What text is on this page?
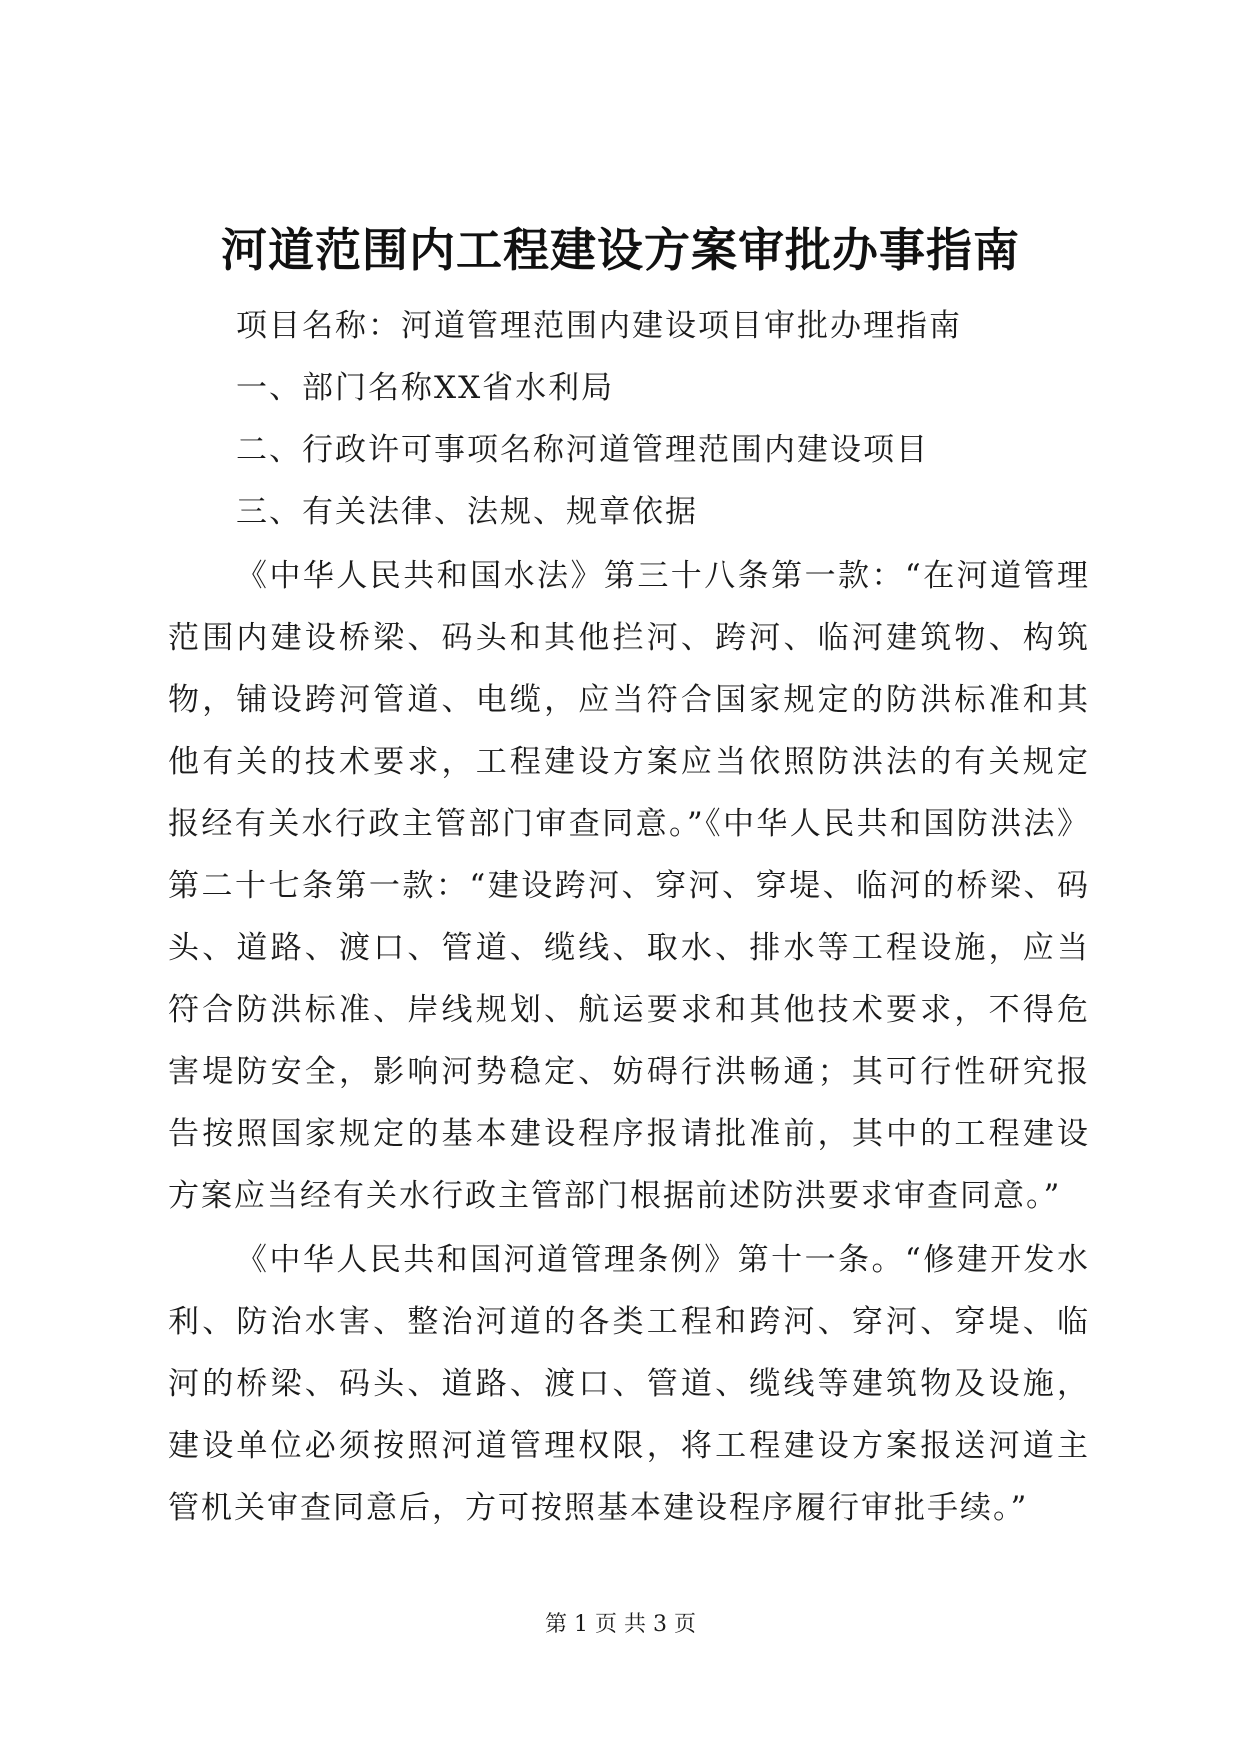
河道范围内工程建设方案审批办事指南
项目名称：河道管理范围内建设项目审批办理指南
一、部门名称XX省水利局
二、行政许可事项名称河道管理范围内建设项目
三、有关法律、法规、规章依据
《中华人民共和国水法》第三十八条第一款：“在河道管理范围内建设桥梁、码头和其他拦河、跨河、临河建筑物、构筑物，铺设跨河管道、电缆，应当符合国家规定的防洪标准和其他有关的技术要求，工程建设方案应当依照防洪法的有关规定报经有关水行政主管部门审查同意。”《中华人民共和国防洪法》第二十七条第一款：“建设跨河、穿河、穿堤、临河的桥梁、码头、道路、渡口、管道、缆线、取水、排水等工程设施，应当符合防洪标准、岸线规划、航运要求和其他技术要求，不得危害堤防安全，影响河势稳定、妨碍行洪畅通；其可行性研究报告按照国家规定的基本建设程序报请批准前，其中的工程建设方案应当经有关水行政主管部门根据前述防洪要求审查同意。”
《中华人民共和国河道管理条例》第十一条。“修建开发水利、防治水害、整治河道的各类工程和跨河、穿河、穿堤、临河的桥梁、码头、道路、渡口、管道、缆线等建筑物及设施，建设单位必须按照河道管理权限，将工程建设方案报送河道主管机关审查同意后，方可按照基本建设程序履行审批手续。”
第 1 页 共 3 页
